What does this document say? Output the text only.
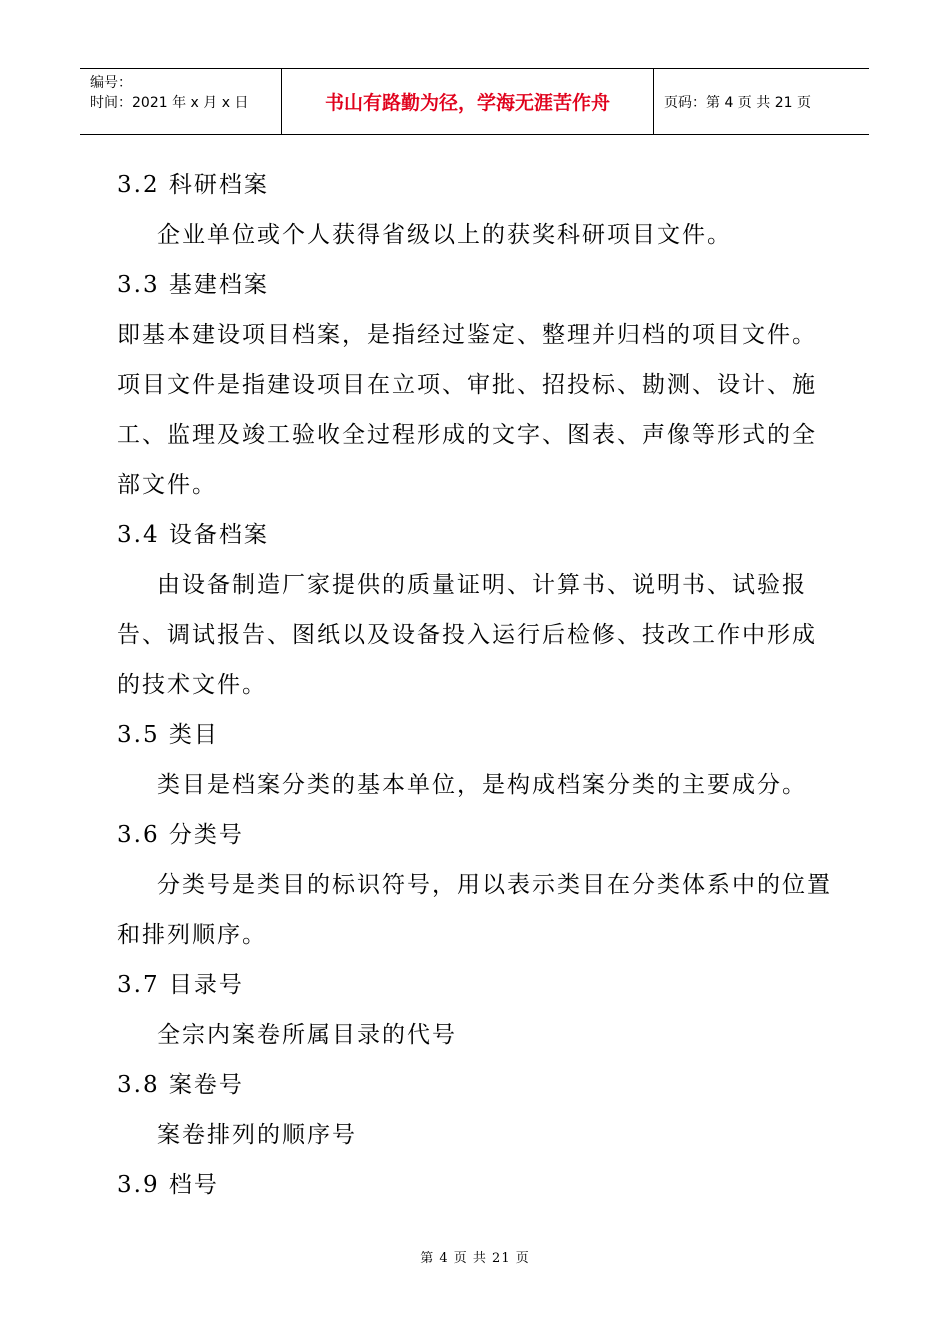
编号：
时间：2021 年 x 月 x 日	书山有路勤为径，学海无涯苦作舟	页码：第 4 页 共 21 页
3.2 科研档案
企业单位或个人获得省级以上的获奖科研项目文件。
3.3 基建档案
即基本建设项目档案，是指经过鉴定、整理并归档的项目文件。项目文件是指建设项目在立项、审批、招投标、勘测、设计、施工、监理及竣工验收全过程形成的文字、图表、声像等形式的全部文件。
3.4 设备档案
由设备制造厂家提供的质量证明、计算书、说明书、试验报告、调试报告、图纸以及设备投入运行后检修、技改工作中形成的技术文件。
3.5 类目
类目是档案分类的基本单位，是构成档案分类的主要成分。
3.6 分类号
分类号是类目的标识符号，用以表示类目在分类体系中的位置和排列顺序。
3.7 目录号
全宗内案卷所属目录的代号
3.8 案卷号
案卷排列的顺序号
3.9 档号
第 4 页 共 21 页
